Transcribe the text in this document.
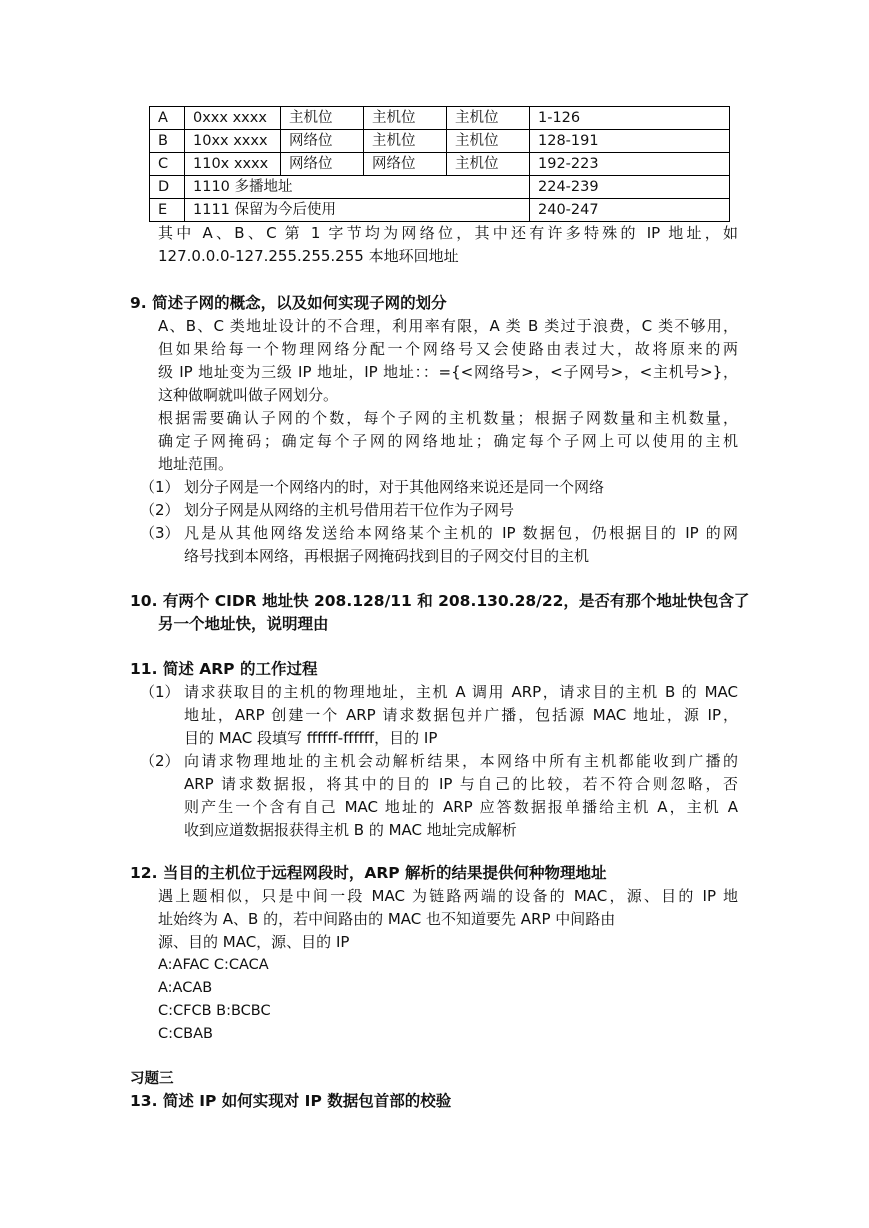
A	0xxx xxxx	主机位	主机位	主机位	1-126
B	10xx xxxx	网络位	主机位	主机位	128-191
C	110x xxxx	网络位	网络位	主机位	192-223
D	1110 多播地址				224-239
E	1111 保留为今后使用				240-247
其中 A、B、C 第 1 字节均为网络位，其中还有许多特殊的 IP 地址，如
127.0.0.0-127.255.255.255 本地环回地址
9. 简述子网的概念，以及如何实现子网的划分
A、B、C 类地址设计的不合理，利用率有限，A 类 B 类过于浪费，C 类不够用，
但如果给每一个物理网络分配一个网络号又会使路由表过大，故将原来的两
级 IP 地址变为三级 IP 地址，IP 地址：：={<网络号>，<子网号>，<主机号>}，
这种做啊就叫做子网划分。
根据需要确认子网的个数，每个子网的主机数量；根据子网数量和主机数量，
确定子网掩码；确定每个子网的网络地址；确定每个子网上可以使用的主机
地址范围。
（1） 划分子网是一个网络内的时，对于其他网络来说还是同一个网络
（2） 划分子网是从网络的主机号借用若干位作为子网号
（3） 凡是从其他网络发送给本网络某个主机的 IP 数据包，仍根据目的 IP 的网
络号找到本网络，再根据子网掩码找到目的子网交付目的主机
10. 有两个 CIDR 地址快 208.128/11 和 208.130.28/22，是否有那个地址快包含了
另一个地址快，说明理由
11. 简述 ARP 的工作过程
（1） 请求获取目的主机的物理地址，主机 A 调用 ARP，请求目的主机 B 的 MAC
地址，ARP 创建一个 ARP 请求数据包并广播，包括源 MAC 地址，源 IP，
目的 MAC 段填写 ffffff-ffffff，目的 IP
（2） 向请求物理地址的主机会动解析结果，本网络中所有主机都能收到广播的
ARP 请求数据报，将其中的目的 IP 与自己的比较，若不符合则忽略，否
则产生一个含有自己 MAC 地址的 ARP 应答数据报单播给主机 A，主机 A
收到应道数据报获得主机 B 的 MAC 地址完成解析
12. 当目的主机位于远程网段时，ARP 解析的结果提供何种物理地址
遇上题相似，只是中间一段 MAC 为链路两端的设备的 MAC，源、目的 IP 地
址始终为 A、B 的，若中间路由的 MAC 也不知道要先 ARP 中间路由
源、目的 MAC，源、目的 IP
A:AFAC C:CACA
A:ACAB
C:CFCB B:BCBC
C:CBAB
习题三
13. 简述 IP 如何实现对 IP 数据包首部的校验
